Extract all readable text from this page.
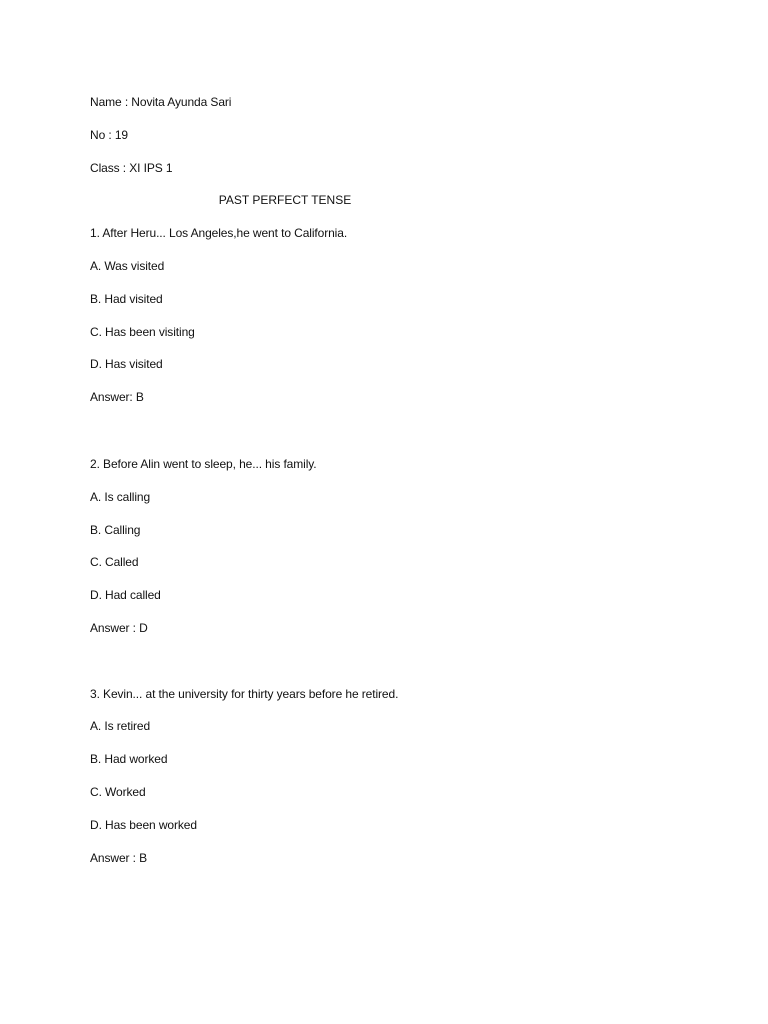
Name : Novita Ayunda Sari
No : 19
Class : XI IPS 1
PAST PERFECT TENSE
1. After Heru... Los Angeles,he went to California.
A. Was visited
B. Had visited
C. Has been visiting
D. Has visited
Answer: B
2. Before Alin went to sleep, he... his family.
A. Is calling
B. Calling
C. Called
D. Had called
Answer : D
3. Kevin... at the university for thirty years before he retired.
A. Is retired
B. Had worked
C. Worked
D. Has been worked
Answer : B
